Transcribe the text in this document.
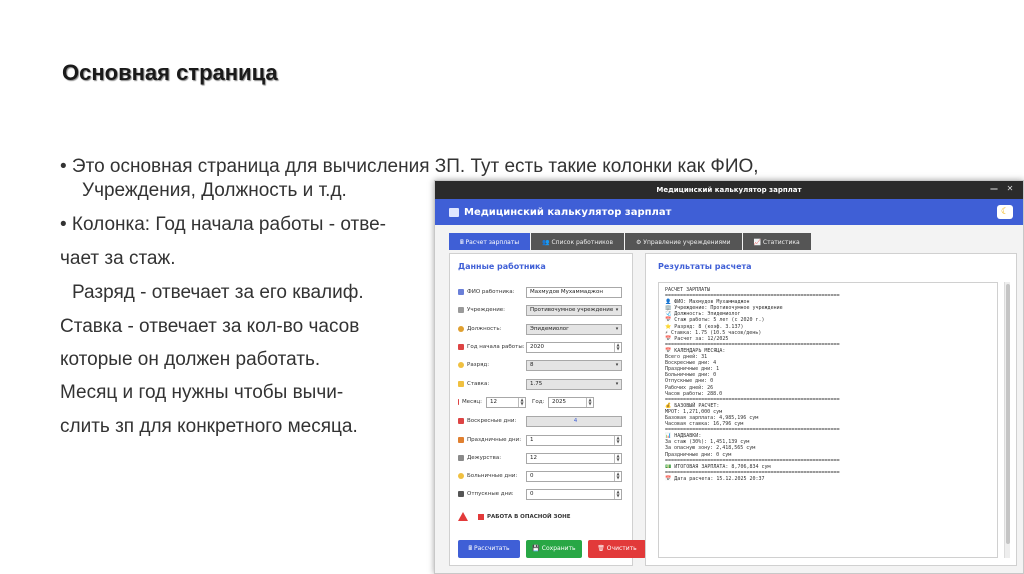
Основная страница
• Это основная страница для вычисления ЗП. Тут есть такие колонки как ФИО,
Учреждения, Должность и т.д.
• Колонка: Год начала работы - отве-
чает за стаж.
Разряд - отвечает за его квалиф.
Ставка - отвечает за кол-во часов
которые он должен работать.
Месяц и год нужны чтобы вычи-
слить зп для конкретного месяца.
Медицинский калькулятор зарплат	— ✕
Медицинский калькулятор зарплат	☾
🖩 Расчет зарплаты	👥 Список работников	⚙ Управление учреждениями	📈 Статистика
Данные работника
ФИО работника:	Махмудов Мухаммаджон
Учреждение:	Противочумное учреждение ▾
Должность:	Эпидемиолог	▾
Год начала работы: 2020	▲
▼
Разряд:	8	▾
Ставка:	1.75	▾
Месяц:	12	▲
▼ Год:	2025	▲
▼
Воскресные дни:	4
Праздничные дни:	1	▲
▼
Дежурства:	12	▲
▼
Больничные дни:	0	▲
▼
Отпускные дни:	0	▲
▼
РАБОТА В ОПАСНОЙ ЗОНЕ
🖩 Рассчитать	💾 Сохранить	🗑 Очистить
Результаты расчета
РАСЧЕТ ЗАРПЛАТЫ
==========================================================
👤 ФИО: Махмудов Мухаммаджон
🏢 Учреждение: Противочумное учреждение
🩺 Должность: Эпидемиолог
📅 Стаж работы: 5 лет (с 2020 г.)
⭐ Разряд: 8 (коэф. 3.137)
⚡ Ставка: 1.75 (10.5 часов/день)
📅 Расчет за: 12/2025
==========================================================
📅 КАЛЕНДАРЬ МЕСЯЦА:
Всего дней: 31
Воскресные дни: 4
Праздничные дни: 1
Больничные дни: 0
Отпускные дни: 0
Рабочих дней: 26
Часов работы: 288.0
==========================================================
💰 БАЗОВЫЙ РАСЧЕТ:
МРОТ: 1,271,000 сум
Базовая зарплата: 4,985,196 сум
Часовая ставка: 16,796 сум
==========================================================
📊 НАДБАВКИ:
За стаж (30%): 1,451,139 сум
За опасную зону: 2,418,565 сум
Праздничные дни: 0 сум
==========================================================
💵 ИТОГОВАЯ ЗАРПЛАТА: 8,706,834 сум
==========================================================
📅 Дата расчета: 15.12.2025 20:37
